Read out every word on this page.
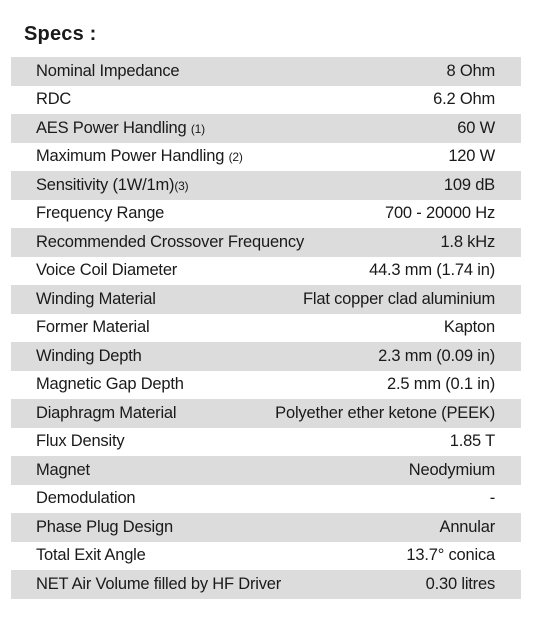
Specs :
Nominal Impedance	8 Ohm
RDC	6.2 Ohm
AES Power Handling (1)	60 W
Maximum Power Handling (2)	120 W
Sensitivity (1W/1m)(3)	109 dB
Frequency Range	700 - 20000 Hz
Recommended Crossover Frequency	1.8 kHz
Voice Coil Diameter	44.3 mm (1.74 in)
Winding Material	Flat copper clad aluminium
Former Material	Kapton
Winding Depth	2.3 mm (0.09 in)
Magnetic Gap Depth	2.5 mm (0.1 in)
Diaphragm Material	Polyether ether ketone (PEEK)
Flux Density	1.85 T
Magnet	Neodymium
Demodulation	-
Phase Plug Design	Annular
Total Exit Angle	13.7° conica
NET Air Volume filled by HF Driver	0.30 litres
